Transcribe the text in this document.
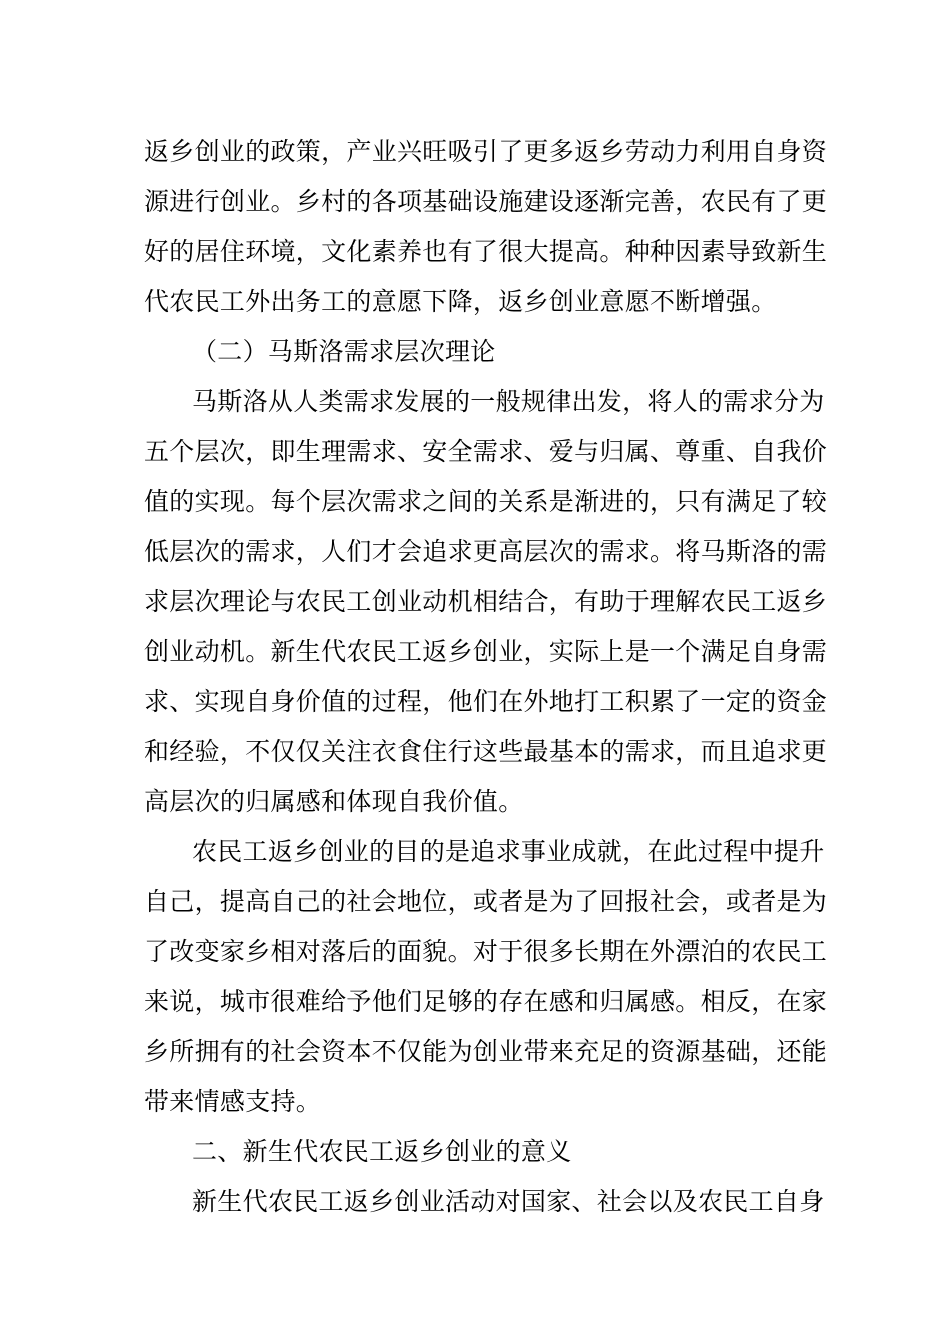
返乡创业的政策，产业兴旺吸引了更多返乡劳动力利用自身资
源进行创业。乡村的各项基础设施建设逐渐完善，农民有了更
好的居住环境，文化素养也有了很大提高。种种因素导致新生
代农民工外出务工的意愿下降，返乡创业意愿不断增强。
（二）马斯洛需求层次理论
马斯洛从人类需求发展的一般规律出发，将人的需求分为
五个层次，即生理需求、安全需求、爱与归属、尊重、自我价
值的实现。每个层次需求之间的关系是渐进的，只有满足了较
低层次的需求，人们才会追求更高层次的需求。将马斯洛的需
求层次理论与农民工创业动机相结合，有助于理解农民工返乡
创业动机。新生代农民工返乡创业，实际上是一个满足自身需
求、实现自身价值的过程，他们在外地打工积累了一定的资金
和经验，不仅仅关注衣食住行这些最基本的需求，而且追求更
高层次的归属感和体现自我价值。
农民工返乡创业的目的是追求事业成就，在此过程中提升
自己，提高自己的社会地位，或者是为了回报社会，或者是为
了改变家乡相对落后的面貌。对于很多长期在外漂泊的农民工
来说，城市很难给予他们足够的存在感和归属感。相反，在家
乡所拥有的社会资本不仅能为创业带来充足的资源基础，还能
带来情感支持。
二、新生代农民工返乡创业的意义
新生代农民工返乡创业活动对国家、社会以及农民工自身
